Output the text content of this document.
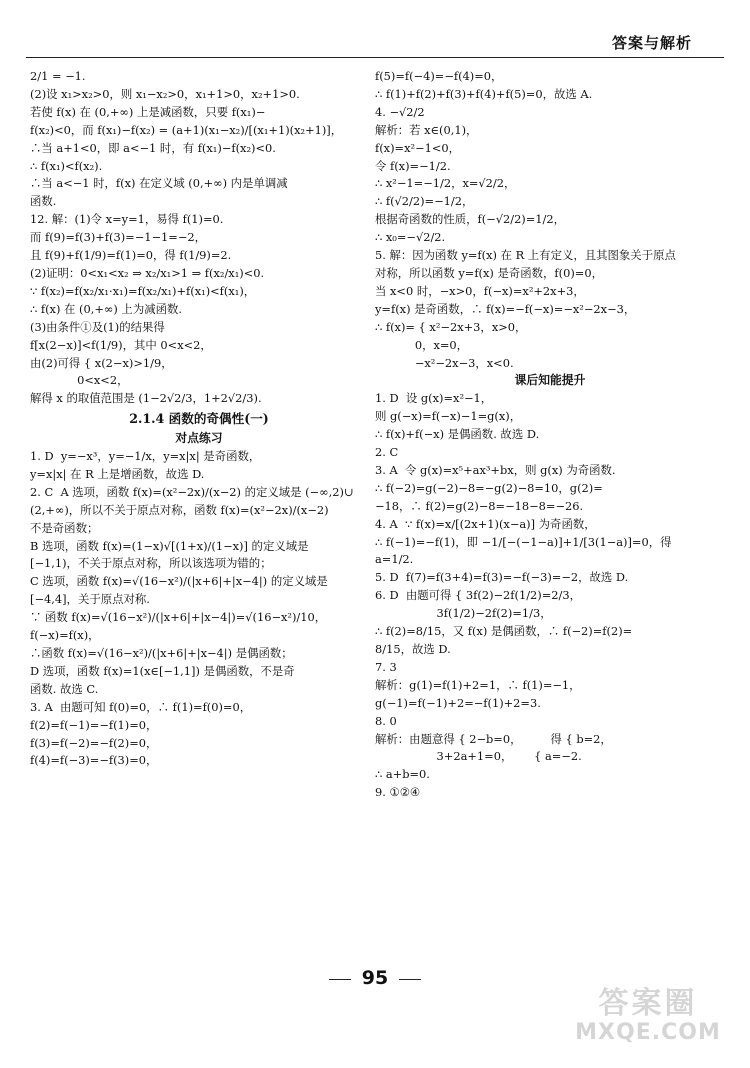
答案与解析
2/1 = −1.
(2)设 x₁>x₂>0，则 x₁−x₂>0，x₁+1>0，x₂+1>0.
若使 f(x) 在 (0,+∞) 上是减函数，只要 f(x₁)−
f(x₂)<0，而 f(x₁)−f(x₂) = (a+1)(x₁−x₂)/[(x₁+1)(x₂+1)]，
∴当 a+1<0，即 a<−1 时，有 f(x₁)−f(x₂)<0.
∴ f(x₁)<f(x₂).
∴当 a<−1 时，f(x) 在定义域 (0,+∞) 内是单调减
函数.
12. 解：(1)令 x=y=1，易得 f(1)=0.
而 f(9)=f(3)+f(3)=−1−1=−2，
且 f(9)+f(1/9)=f(1)=0，得 f(1/9)=2.
(2)证明：0<x₁<x₂ ⇒ x₂/x₁>1 ⇒ f(x₂/x₁)<0.
∵ f(x₂)=f(x₂/x₁·x₁)=f(x₂/x₁)+f(x₁)<f(x₁)，
∴ f(x) 在 (0,+∞) 上为减函数.
(3)由条件①及(1)的结果得
f[x(2−x)]<f(1/9)，其中 0<x<2，
由(2)可得 { x(2−x)>1/9，
0<x<2，
解得 x 的取值范围是 (1−2√2/3，1+2√2/3).
2.1.4 函数的奇偶性(一)
对点练习
1. D  y=−x³，y=−1/x，y=x|x| 是奇函数，
y=x|x| 在 R 上是增函数，故选 D.
2. C  A 选项，函数 f(x)=(x²−2x)/(x−2) 的定义域是 (−∞,2)∪
(2,+∞)，所以不关于原点对称，函数 f(x)=(x²−2x)/(x−2)
不是奇函数；
B 选项，函数 f(x)=(1−x)√[(1+x)/(1−x)] 的定义域是
[−1,1)，不关于原点对称，所以该选项为错的；
C 选项，函数 f(x)=√(16−x²)/(|x+6|+|x−4|) 的定义域是
[−4,4]，关于原点对称.
∵ 函数 f(x)=√(16−x²)/(|x+6|+|x−4|)=√(16−x²)/10，
f(−x)=f(x)，
∴函数 f(x)=√(16−x²)/(|x+6|+|x−4|) 是偶函数；
D 选项，函数 f(x)=1(x∈[−1,1]) 是偶函数，不是奇
函数. 故选 C.
3. A  由题可知 f(0)=0，∴ f(1)=f(0)=0，
f(2)=f(−1)=−f(1)=0，
f(3)=f(−2)=−f(2)=0，
f(4)=f(−3)=−f(3)=0，
f(5)=f(−4)=−f(4)=0，
∴ f(1)+f(2)+f(3)+f(4)+f(5)=0，故选 A.
4. −√2/2
解析：若 x∈(0,1)，
f(x)=x²−1<0，
令 f(x)=−1/2.
∴ x²−1=−1/2，x=√2/2，
∴ f(√2/2)=−1/2，
根据奇函数的性质，f(−√2/2)=1/2，
∴ x₀=−√2/2.
5. 解：因为函数 y=f(x) 在 R 上有定义，且其图象关于原点
对称，所以函数 y=f(x) 是奇函数，f(0)=0，
当 x<0 时，−x>0，f(−x)=x²+2x+3，
y=f(x) 是奇函数，∴ f(x)=−f(−x)=−x²−2x−3，
∴ f(x)= { x²−2x+3，x>0，
0，x=0，
−x²−2x−3，x<0.
课后知能提升
1. D  设 g(x)=x²−1，
则 g(−x)=f(−x)−1=g(x)，
∴ f(x)+f(−x) 是偶函数. 故选 D.
2. C
3. A  令 g(x)=x⁵+ax³+bx，则 g(x) 为奇函数.
∴ f(−2)=g(−2)−8=−g(2)−8=10，g(2)=
−18，∴ f(2)=g(2)−8=−18−8=−26.
4. A  ∵ f(x)=x/[(2x+1)(x−a)] 为奇函数，
∴ f(−1)=−f(1)，即 −1/[−(−1−a)]+1/[3(1−a)]=0，得
a=1/2.
5. D  f(7)=f(3+4)=f(3)=−f(−3)=−2，故选 D.
6. D  由题可得 { 3f(2)−2f(1/2)=2/3，
3f(1/2)−2f(2)=1/3，
∴ f(2)=8/15，又 f(x) 是偶函数，∴ f(−2)=f(2)=
8/15，故选 D.
7. 3
解析：g(1)=f(1)+2=1，∴ f(1)=−1，
g(−1)=f(−1)+2=−f(1)+2=3.
8. 0
解析：由题意得 { 2−b=0，        得 { b=2，
3+2a+1=0，      { a=−2.
∴ a+b=0.
9. ①②④
95
答案圈
MXQE.COM
